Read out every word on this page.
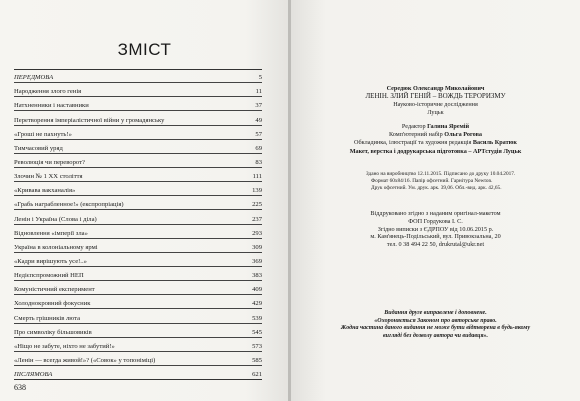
ЗМІСТ
ПЕРЕДМОВА	5
Народження злого генія	11
Натхненники і наставники	37
Перетворення імперіалістичної війни у громадянську	49
«Гроші не пахнуть!»	57
Тимчасовий уряд	69
Революція чи переворот?	83
Злочин № 1 XX століття	111
«Кривава вакханалія»	139
«Грабь награбленное!» (експропріація)	225
Ленін і Україна (Слова і діла)	237
Відновлення «імперії зла»	293
Україна в колоніальному ярмі	309
«Кадри вирішують усе!..»	369
Недієпспроможний НЕП	383
Комуністичний експеримент	409
Холоднокровний фокусник	429
Смерть грішників люта	539
Про символіку більшовиків	545
«Ніщо не забуте, ніхто не забутий!»	573
«Ленін — всегда живой!»? («Совок» у топоніміці)	585
ПІСЛЯМОВА	621
638
Середюк Олександр Миколайович
ЛЕНІН. ЗЛИЙ ГЕНІЙ – ВОЖДЬ ТЕРОРИЗМУ
Науково-історичне дослідження
Луцьк
Редактор Галина Яремій
Комп'ютерний набір Ольга Рогова
Обкладинка, ілюстрації та художня редакція Василь Кратюк
Макет, верстка і додрукарська підготовка – АРТстудія Луцьк
Здано на виробництво 12.11.2015. Підписано до друку 10.04.2017.
Формат 60х84/16. Папір офсетний. Гарнітура Newton.
Друк офсетний. Ум. друк. арк. 39,06. Обл.-вид. арк. 42,65.
Віддруковано згідно з наданим оригінал-макетом
ФОП Гордукова І. С.
Згідно виписки з ЄДРПОУ від 10.06.2015 р.
м. Кам'янець-Подільський, вул. Привокзальна, 20
тел. 0 38 494 22 50, drukrutal@ukr.net
Видання друге виправлене і доповнене.
«Охороняється Законом про авторське право.
Жодна частина даного видання не може бути відтворена в будь-якому
вигляді без дозволу автора чи видавця».
